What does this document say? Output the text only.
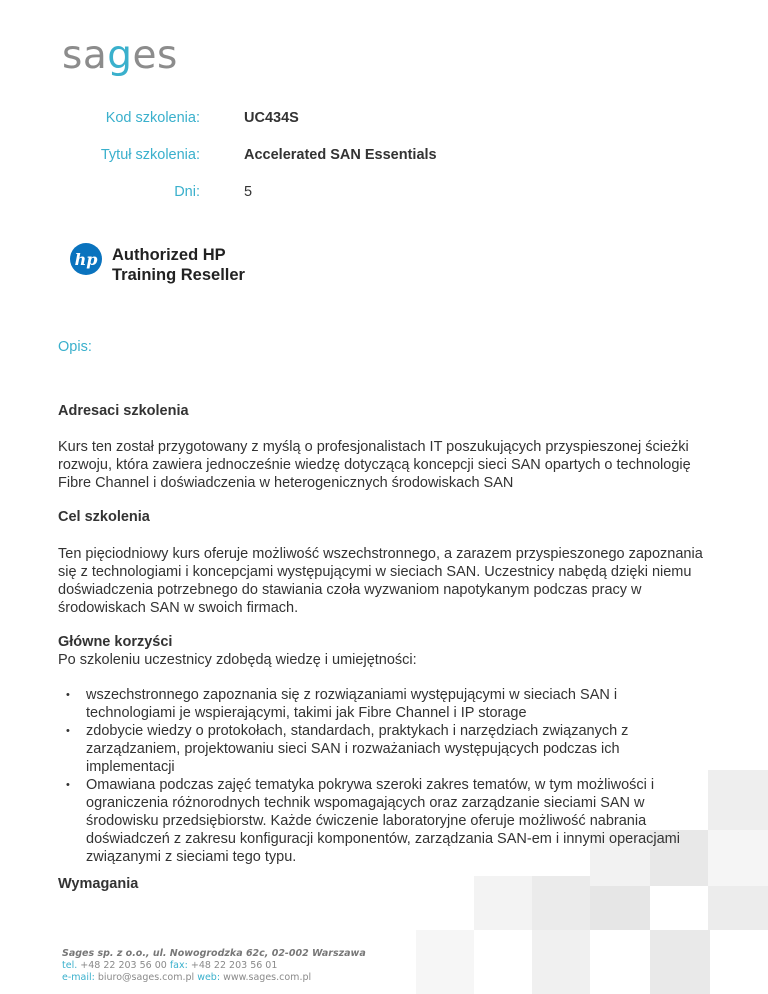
sages
Kod szkolenia:	UC434S
Tytuł szkolenia:	Accelerated SAN Essentials
Dni:	5
hp Authorized HP
Training Reseller
Opis:
Adresaci szkolenia
Kurs ten został przygotowany z myślą o profesjonalistach IT poszukujących przyspieszonej ścieżki rozwoju, która zawiera jednocześnie wiedzę dotyczącą koncepcji sieci SAN opartych o technologię Fibre Channel i doświadczenia w heterogenicznych środowiskach SAN
Cel szkolenia
Ten pięciodniowy kurs oferuje możliwość wszechstronnego, a zarazem przyspieszonego zapoznania się z technologiami i koncepcjami występującymi w sieciach SAN. Uczestnicy nabędą dzięki niemu doświadczenia potrzebnego do stawiania czoła wyzwaniom napotykanym podczas pracy w środowiskach SAN w swoich firmach.
Główne korzyści
Po szkoleniu uczestnicy zdobędą wiedzę i umiejętności:
• wszechstronnego zapoznania się z rozwiązaniami występującymi w sieciach SAN i technologiami je wspierającymi, takimi jak Fibre Channel i IP storage
• zdobycie wiedzy o protokołach, standardach, praktykach i narzędziach związanych z zarządzaniem, projektowaniu sieci SAN i rozważaniach występujących podczas ich implementacji
• Omawiana podczas zajęć tematyka pokrywa szeroki zakres tematów, w tym możliwości i ograniczenia różnorodnych technik wspomagających oraz zarządzanie sieciami SAN w środowisku przedsiębiorstw. Każde ćwiczenie laboratoryjne oferuje możliwość nabrania doświadczeń z zakresu konfiguracji komponentów, zarządzania SAN-em i innymi operacjami związanymi z sieciami tego typu.
Wymagania
Sages sp. z o.o., ul. Nowogrodzka 62c, 02-002 Warszawa
tel. +48 22 203 56 00 fax: +48 22 203 56 01
e-mail: biuro@sages.com.pl web: www.sages.com.pl
